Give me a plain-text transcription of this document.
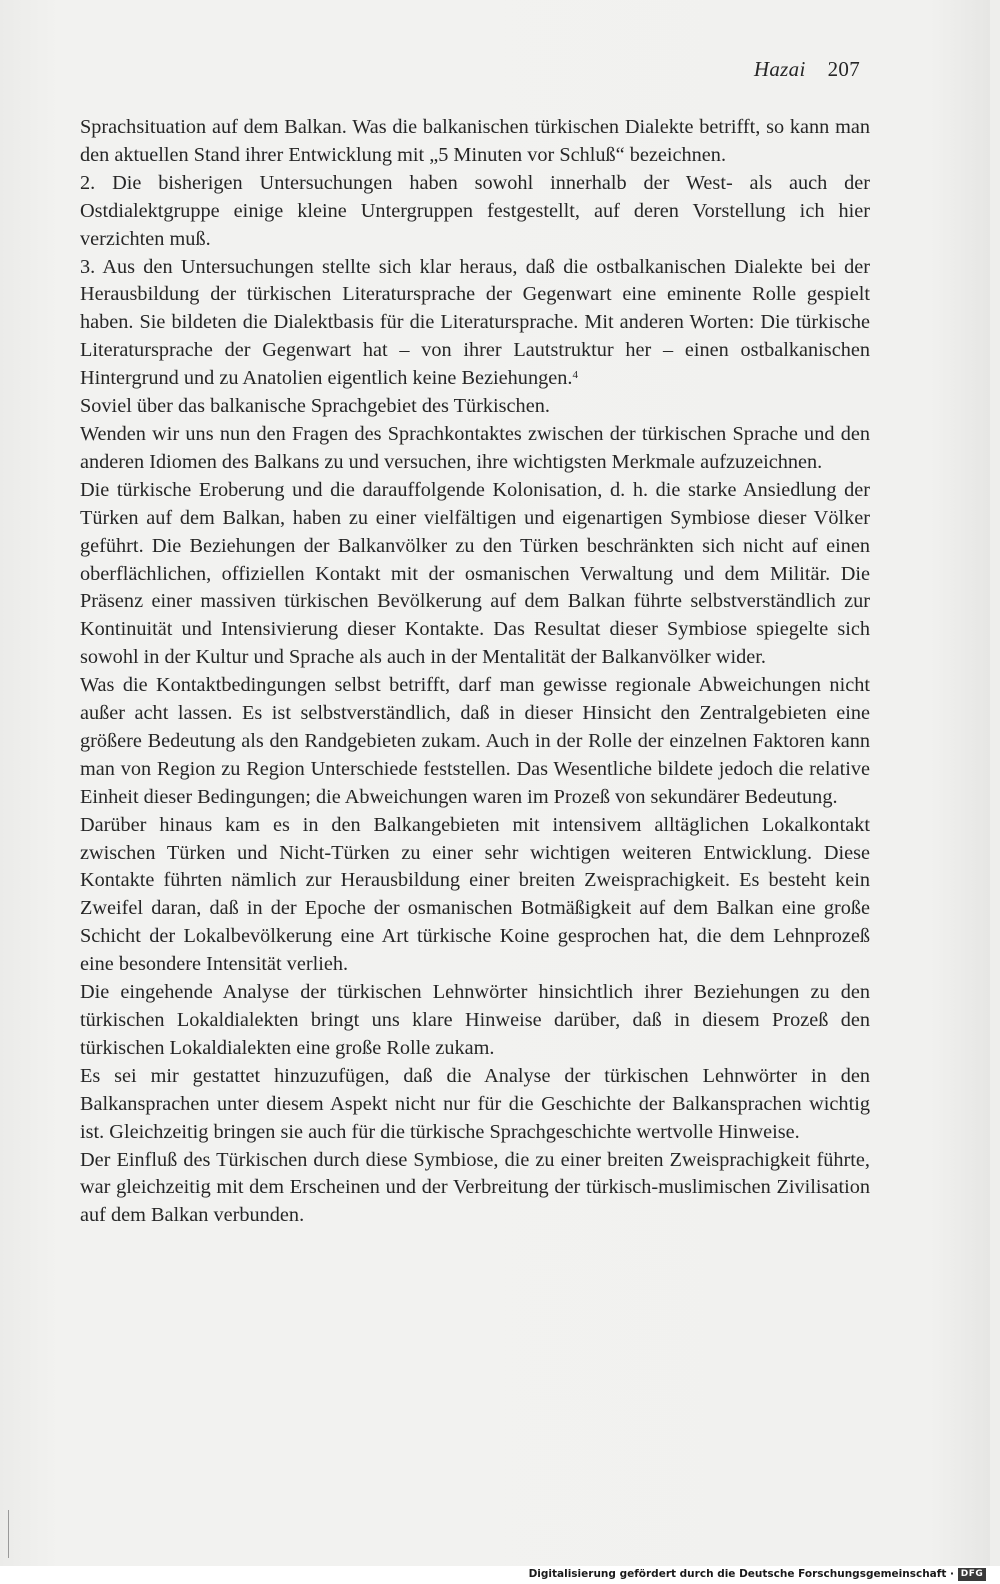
Hazai 207

Sprachsituation auf dem Balkan. Was die balkanischen türkischen Dialekte betrifft, so kann man den aktuellen Stand ihrer Entwicklung mit „5 Minuten vor Schluß“ bezeichnen.

2. Die bisherigen Untersuchungen haben sowohl innerhalb der West- als auch der Ostdialektgruppe einige kleine Untergruppen festgestellt, auf deren Vorstellung ich hier verzichten muß.

3. Aus den Untersuchungen stellte sich klar heraus, daß die ostbalkanischen Dialekte bei der Herausbildung der türkischen Literatursprache der Gegenwart eine eminente Rolle gespielt haben. Sie bildeten die Dialektbasis für die Literatursprache. Mit anderen Worten: Die türkische Literatursprache der Gegenwart hat – von ihrer Lautstruktur her – einen ostbalkanischen Hintergrund und zu Anatolien eigentlich keine Beziehungen.$^4$

Soviel über das balkanische Sprachgebiet des Türkischen.

Wenden wir uns nun den Fragen des Sprachkontaktes zwischen der türkischen Sprache und den anderen Idiomen des Balkans zu und versuchen, ihre wichtigsten Merkmale aufzuzeichnen.

Die türkische Eroberung und die darauffolgende Kolonisation, d. h. die starke Ansiedlung der Türken auf dem Balkan, haben zu einer vielfältigen und eigenartigen Symbiose dieser Völker geführt. Die Beziehungen der Balkanvölker zu den Türken beschränkten sich nicht auf einen oberflächlichen, offiziellen Kontakt mit der osmanischen Verwaltung und dem Militär. Die Präsenz einer massiven türkischen Bevölkerung auf dem Balkan führte selbstverständlich zur Kontinuität und Intensivierung dieser Kontakte. Das Resultat dieser Symbiose spiegelte sich sowohl in der Kultur und Sprache als auch in der Mentalität der Balkanvölker wider.

Was die Kontaktbedingungen selbst betrifft, darf man gewisse regionale Abweichungen nicht außer acht lassen. Es ist selbstverständlich, daß in dieser Hinsicht den Zentralgebieten eine größere Bedeutung als den Randgebieten zukam. Auch in der Rolle der einzelnen Faktoren kann man von Region zu Region Unterschiede feststellen. Das Wesentliche bildete jedoch die relative Einheit dieser Bedingungen; die Abweichungen waren im Prozeß von sekundärer Bedeutung.

Darüber hinaus kam es in den Balkangebieten mit intensivem alltäglichen Lokalkontakt zwischen Türken und Nicht-Türken zu einer sehr wichtigen weiteren Entwicklung. Diese Kontakte führten nämlich zur Herausbildung einer breiten Zweisprachigkeit. Es besteht kein Zweifel daran, daß in der Epoche der osmanischen Botmäßigkeit auf dem Balkan eine große Schicht der Lokalbevölkerung eine Art türkische Koine gesprochen hat, die dem Lehnprozeß eine besondere Intensität verlieh.

Die eingehende Analyse der türkischen Lehnwörter hinsichtlich ihrer Beziehungen zu den türkischen Lokaldialekten bringt uns klare Hinweise darüber, daß in diesem Prozeß den türkischen Lokaldialekten eine große Rolle zukam.

Es sei mir gestattet hinzuzufügen, daß die Analyse der türkischen Lehnwörter in den Balkansprachen unter diesem Aspekt nicht nur für die Geschichte der Balkansprachen wichtig ist. Gleichzeitig bringen sie auch für die türkische Sprachgeschichte wertvolle Hinweise.

Der Einfluß des Türkischen durch diese Symbiose, die zu einer breiten Zweisprachigkeit führte, war gleichzeitig mit dem Erscheinen und der Verbreitung der türkisch-muslimischen Zivilisation auf dem Balkan verbunden.

Digitalisierung gefördert durch die Deutsche Forschungsgemeinschaft · DFG
